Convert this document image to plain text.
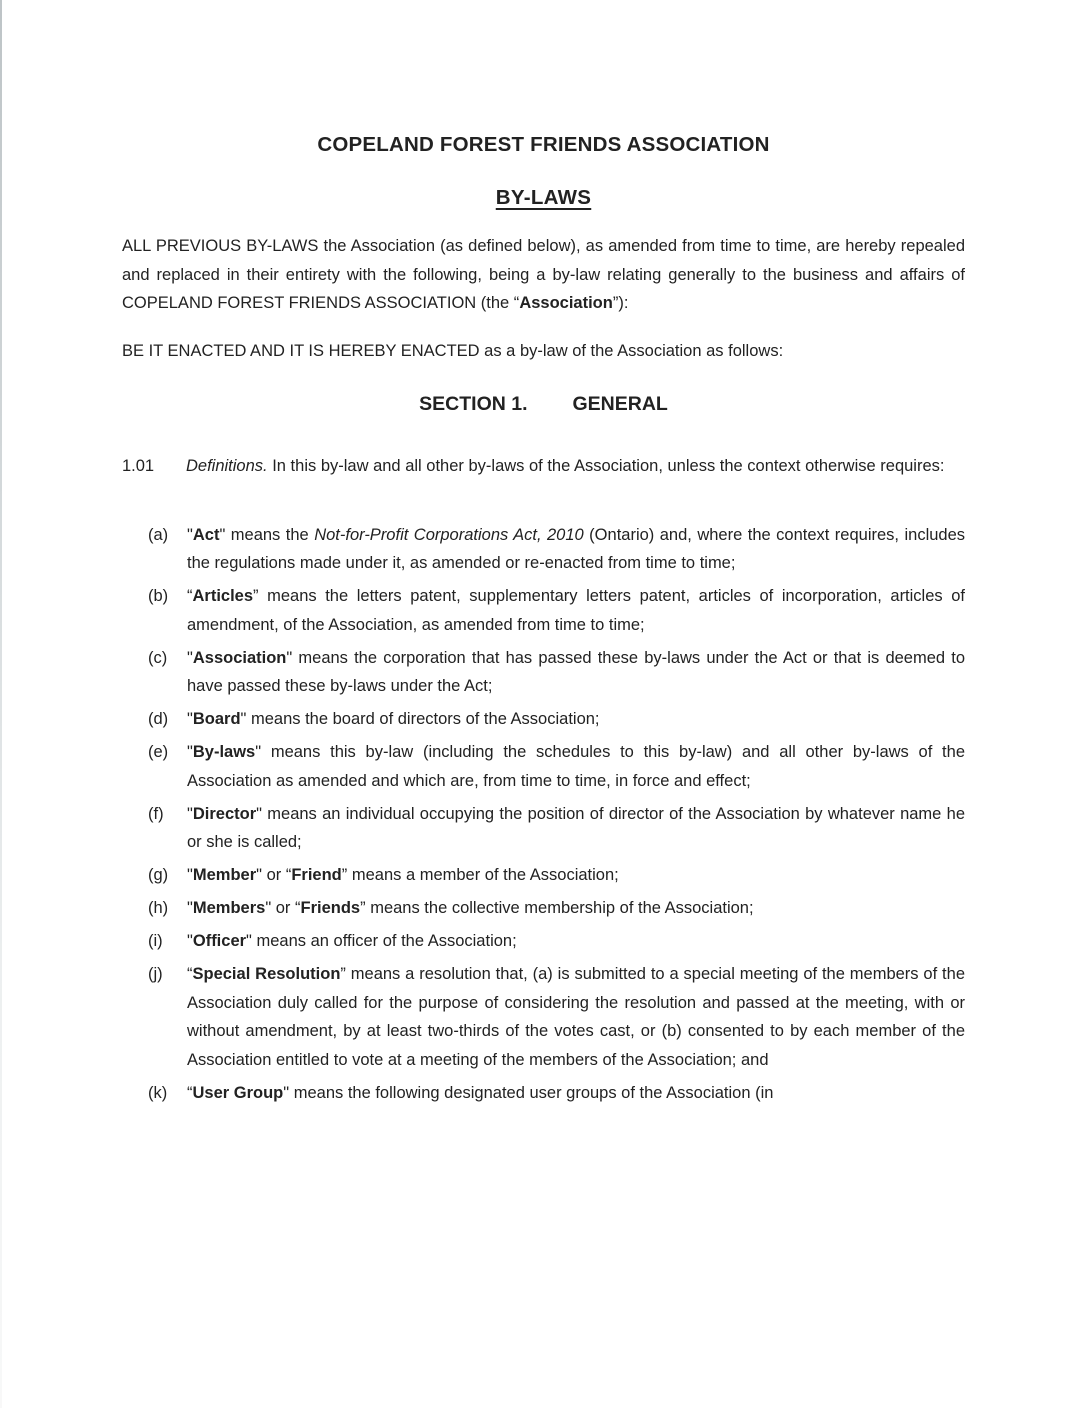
COPELAND FOREST FRIENDS ASSOCIATION
BY-LAWS

ALL PREVIOUS BY-LAWS the Association (as defined below), as amended from time to time, are hereby repealed and replaced in their entirety with the following, being a by-law relating generally to the business and affairs of COPELAND FOREST FRIENDS ASSOCIATION (the “Association”):

BE IT ENACTED AND IT IS HEREBY ENACTED as a by-law of the Association as follows:

SECTION 1. GENERAL

1.01 Definitions. In this by-law and all other by-laws of the Association, unless the context otherwise requires:

(a)	"Act" means the Not-for-Profit Corporations Act, 2010 (Ontario) and, where the context requires, includes the regulations made under it, as amended or re-enacted from time to time;
(b)	“Articles” means the letters patent, supplementary letters patent, articles of incorporation, articles of amendment, of the Association, as amended from time to time;
(c)	"Association" means the corporation that has passed these by-laws under the Act or that is deemed to have passed these by-laws under the Act;
(d)	"Board" means the board of directors of the Association;
(e)	"By-laws" means this by-law (including the schedules to this by-law) and all other by-laws of the Association as amended and which are, from time to time, in force and effect;
(f)	"Director" means an individual occupying the position of director of the Association by whatever name he or she is called;
(g)	"Member" or “Friend” means a member of the Association;
(h)	"Members" or “Friends” means the collective membership of the Association;
(i)	"Officer" means an officer of the Association;
(j)	“Special Resolution” means a resolution that, (a) is submitted to a special meeting of the members of the Association duly called for the purpose of considering the resolution and passed at the meeting, with or without amendment, by at least two-thirds of the votes cast, or (b) consented to by each member of the Association entitled to vote at a meeting of the members of the Association; and
(k)	“User Group" means the following designated user groups of the Association (in
